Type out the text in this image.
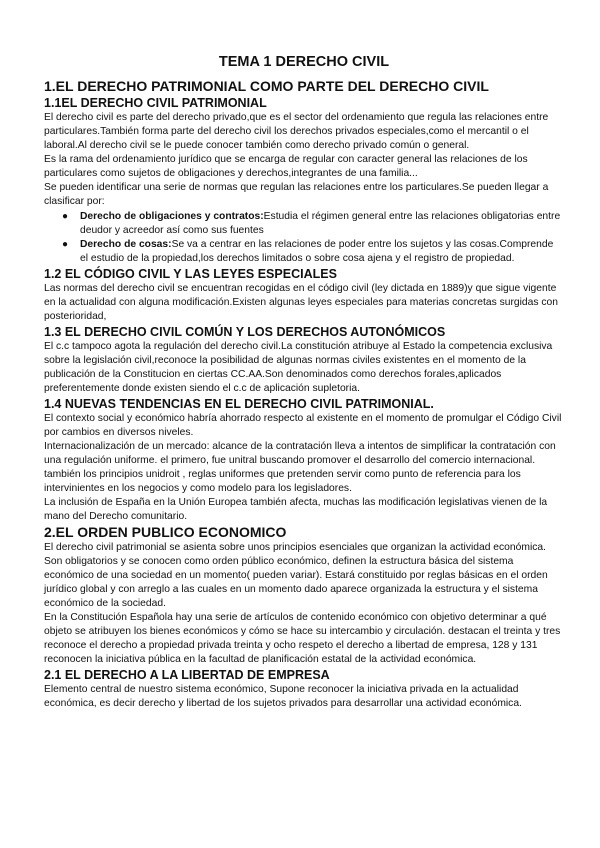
TEMA 1 DERECHO CIVIL
1.EL DERECHO PATRIMONIAL COMO PARTE DEL DERECHO CIVIL
1.1EL DERECHO CIVIL PATRIMONIAL

El derecho civil es parte del derecho privado,que es el sector del ordenamiento que regula las relaciones entre particulares.También forma parte del derecho civil los derechos privados especiales,como el mercantil o el laboral.Al derecho civil se le puede conocer también como derecho privado común o general.

Es la rama del ordenamiento jurídico que se encarga de regular con caracter general las relaciones de los particulares como sujetos de obligaciones y derechos,integrantes de una familia...

Se pueden identificar una serie de normas que regulan las relaciones entre los particulares.Se pueden llegar a clasificar por:

● Derecho de obligaciones y contratos:Estudia el régimen general entre las relaciones obligatorias entre deudor y acreedor así como sus fuentes
● Derecho de cosas:Se va a centrar en las relaciones de poder entre los sujetos y las cosas.Comprende el estudio de la propiedad,los derechos limitados o sobre cosa ajena y el registro de propiedad.
1.2 EL CÓDIGO CIVIL Y LAS LEYES ESPECIALES

Las normas del derecho civil se encuentran recogidas en el código civil (ley dictada en 1889)y que sigue vigente en la actualidad con alguna modificación.Existen algunas leyes especiales para materias concretas surgidas con posterioridad,

1.3 EL DERECHO CIVIL COMÚN Y LOS DERECHOS AUTONÓMICOS

El c.c tampoco agota la regulación del derecho civil.La constitución atribuye al Estado la competencia exclusiva sobre la legislación civil,reconoce la posibilidad de algunas normas civiles existentes en el momento de la publicación de la Constitucion en ciertas CC.AA.Son denominados como derechos forales,aplicados preferentemente donde existen siendo el c.c de aplicación supletoria.

1.4 NUEVAS TENDENCIAS EN EL DERECHO CIVIL PATRIMONIAL.

El contexto social y económico habría ahorrado respecto al existente en el momento de promulgar el Código Civil por cambios en diversos niveles.

Internacionalización de un mercado: alcance de la contratación lleva a intentos de simplificar la contratación con una regulación uniforme. el primero, fue unitral buscando promover el desarrollo del comercio internacional. también los principios unidroit , reglas uniformes que pretenden servir como punto de referencia para los intervinientes en los negocios y como modelo para los legisladores.

La inclusión de España en la Unión Europea también afecta, muchas las modificación legislativas vienen de la mano del Derecho comunitario.

2.EL ORDEN PUBLICO ECONOMICO

El derecho civil patrimonial se asienta sobre unos principios esenciales que organizan la actividad económica. Son obligatorios y se conocen como orden público económico, definen la estructura básica del sistema económico de una sociedad en un momento( pueden variar). Estará constituido por reglas básicas en el orden jurídico global y con arreglo a las cuales en un momento dado aparece organizada la estructura y el sistema económico de la sociedad.

En la Constitución Española hay una serie de artículos de contenido económico con objetivo determinar a qué objeto se atribuyen los bienes económicos y cómo se hace su intercambio y circulación. destacan el treinta y tres reconoce el derecho a propiedad privada treinta y ocho respeto el derecho a libertad de empresa, 128 y 131 reconocen la iniciativa pública en la facultad de planificación estatal de la actividad económica.

2.1 EL DERECHO A LA LIBERTAD DE EMPRESA

Elemento central de nuestro sistema económico, Supone reconocer la iniciativa privada en la actualidad económica, es decir derecho y libertad de los sujetos privados para desarrollar una actividad económica.
